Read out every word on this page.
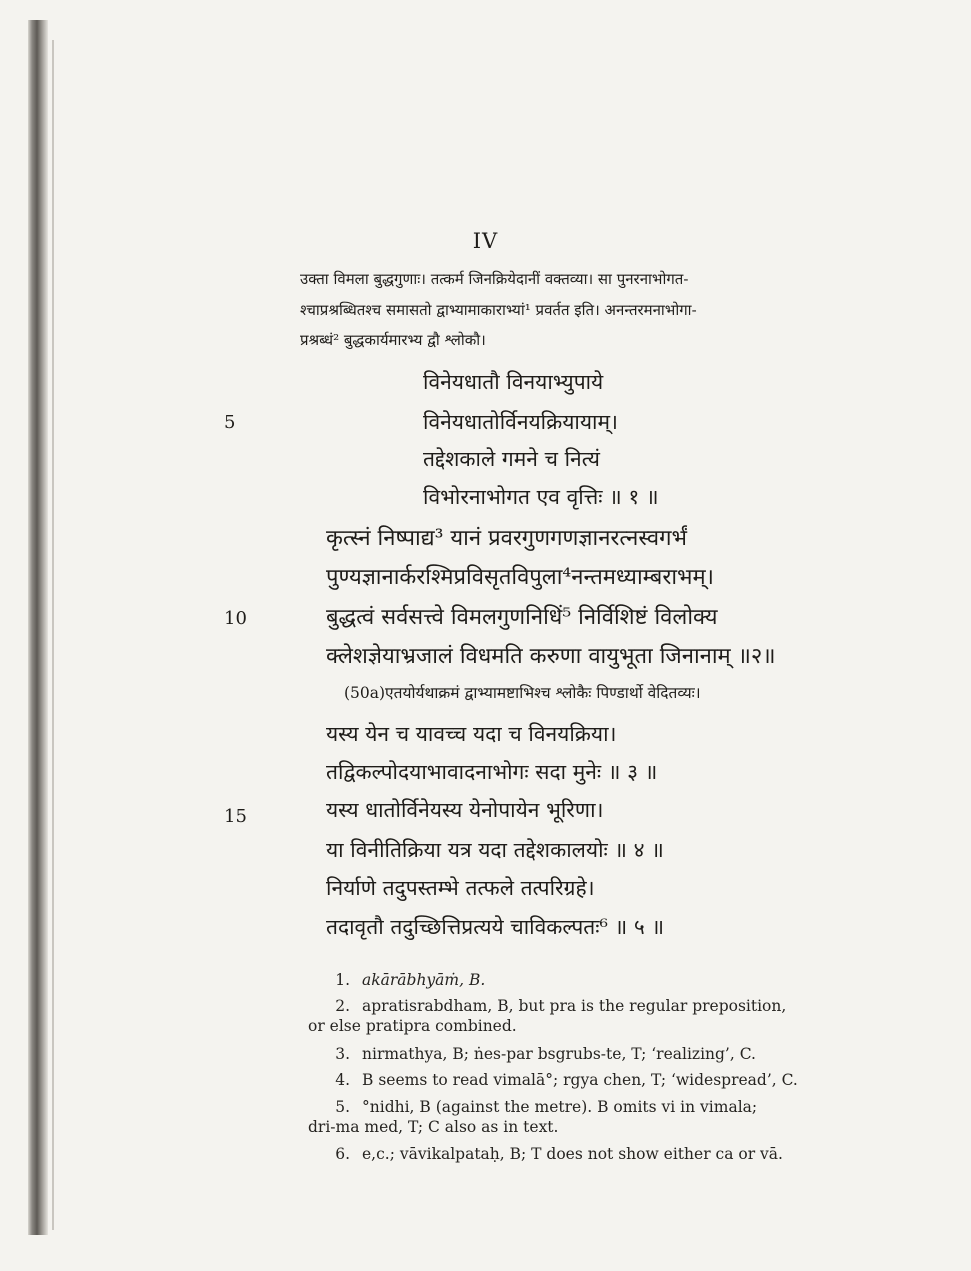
IV
उक्ता विमला बुद्धगुणाः। तत्कर्म जिनक्रियेदानीं वक्तव्या। सा पुनरनाभोगत-
श्चाप्रश्रब्धितश्च समासतो द्वाभ्यामाकाराभ्यां¹ प्रवर्तत इति। अनन्तरमनाभोगा-
प्रश्रब्धं² बुद्धकार्यमारभ्य द्वौ श्लोकौ।
विनेयधातौ विनयाभ्युपाये
5	विनेयधातोर्विनयक्रियायाम्।
तद्देशकाले गमने च नित्यं
विभोरनाभोगत एव वृत्तिः ॥ १ ॥
कृत्स्नं निष्पाद्य³ यानं प्रवरगुणगणज्ञानरत्नस्वगर्भं
पुण्यज्ञानार्करश्मिप्रविसृतविपुला⁴नन्तमध्याम्बराभम्।
10	बुद्धत्वं सर्वसत्त्वे विमलगुणनिधिं⁵ निर्विशिष्टं विलोक्य
क्लेशज्ञेयाभ्रजालं विधमति करुणा वायुभूता जिनानाम् ॥२॥
(50a)एतयोर्यथाक्रमं द्वाभ्यामष्टाभिश्च श्लोकैः पिण्डार्थो वेदितव्यः।
यस्य येन च यावच्च यदा च विनयक्रिया।
तद्विकल्पोदयाभावादनाभोगः सदा मुनेः ॥ ३ ॥
15	यस्य धातोर्विनेयस्य येनोपायेन भूरिणा।
या विनीतिक्रिया यत्र यदा तद्देशकालयोः ॥ ४ ॥
निर्याणे तदुपस्तम्भे तत्फले तत्परिग्रहे।
तदावृतौ तदुच्छित्तिप्रत्यये चाविकल्पतः⁶ ॥ ५ ॥
1. akārābhyāṁ, B.
2. apratisrabdham, B, but pra is the regular preposition,
or else pratipra combined.
3. nirmathya, B; ṅes-par bsgrubs-te, T; ‘realizing’, C.
4. B seems to read vimalā°; rgya chen, T; ‘widespread’, C.
5. °nidhi, B (against the metre). B omits vi in vimala;
dri-ma med, T; C also as in text.
6. e,c.; vāvikalpataḥ, B; T does not show either ca or vā.
